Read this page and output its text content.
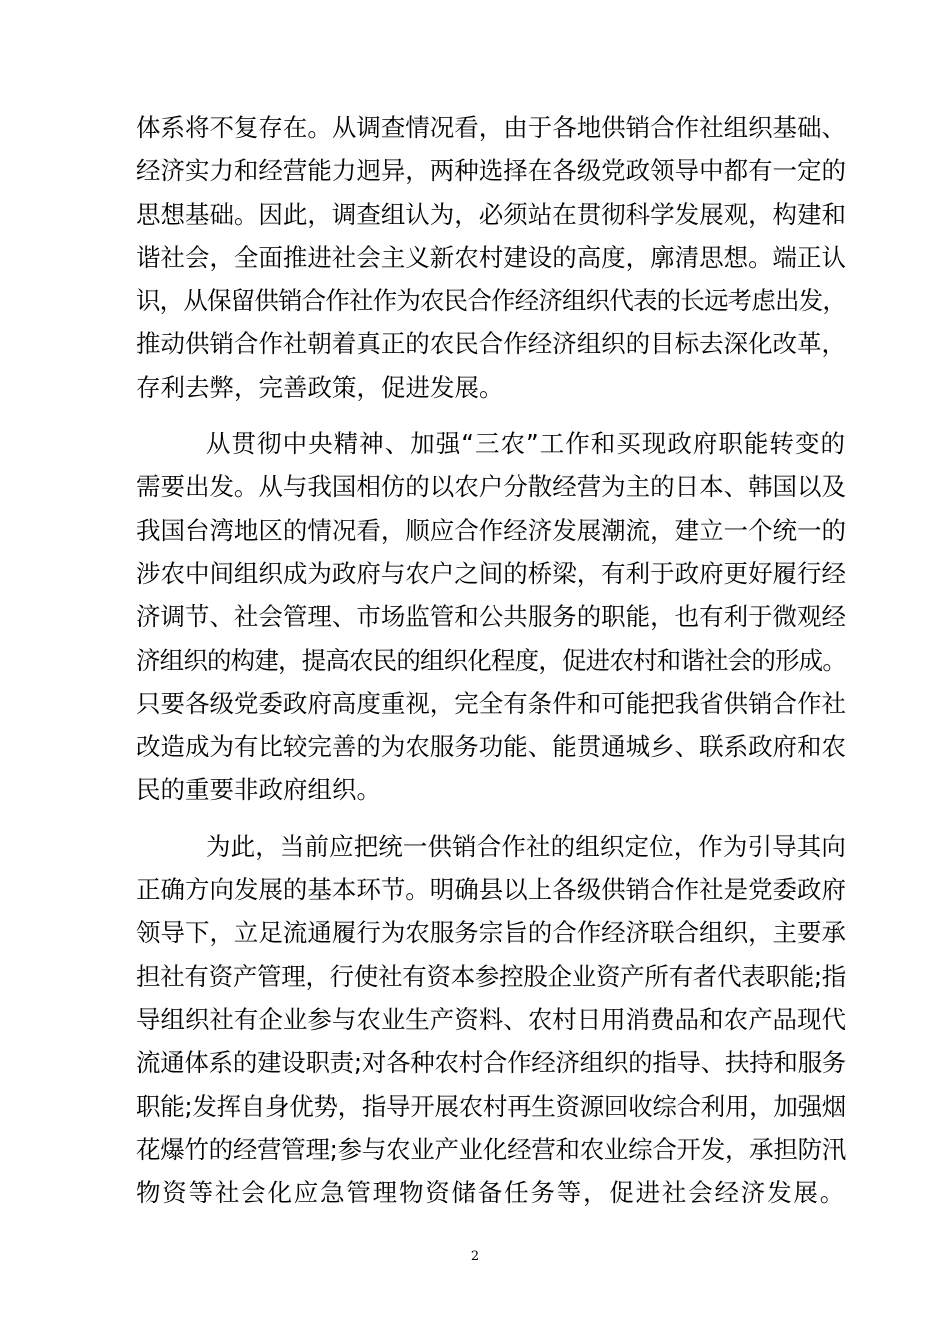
体系将不复存在。从调查情况看，由于各地供销合作社组织基础、
经济实力和经营能力迥异，两种选择在各级党政领导中都有一定的
思想基础。因此，调查组认为，必须站在贯彻科学发展观，构建和
谐社会，全面推进社会主义新农村建设的高度，廓清思想。端正认
识，从保留供销合作社作为农民合作经济组织代表的长远考虑出发，
推动供销合作社朝着真正的农民合作经济组织的目标去深化改革，
存利去弊，完善政策，促进发展。
从贯彻中央精神、加强“三农”工作和买现政府职能转变的
需要出发。从与我国相仿的以农户分散经营为主的日本、韩国以及
我国台湾地区的情况看，顺应合作经济发展潮流，建立一个统一的
涉农中间组织成为政府与农户之间的桥梁，有利于政府更好履行经
济调节、社会管理、市场监管和公共服务的职能，也有利于微观经
济组织的构建，提高农民的组织化程度，促进农村和谐社会的形成。
只要各级党委政府高度重视，完全有条件和可能把我省供销合作社
改造成为有比较完善的为农服务功能、能贯通城乡、联系政府和农
民的重要非政府组织。
为此，当前应把统一供销合作社的组织定位，作为引导其向
正确方向发展的基本环节。明确县以上各级供销合作社是党委政府
领导下，立足流通履行为农服务宗旨的合作经济联合组织，主要承
担社有资产管理，行使社有资本参控股企业资产所有者代表职能;指
导组织社有企业参与农业生产资料、农村日用消费品和农产品现代
流通体系的建设职责;对各种农村合作经济组织的指导、扶持和服务
职能;发挥自身优势，指导开展农村再生资源回收综合利用，加强烟
花爆竹的经营管理;参与农业产业化经营和农业综合开发，承担防汛
物资等社会化应急管理物资储备任务等，促进社会经济发展。
2
